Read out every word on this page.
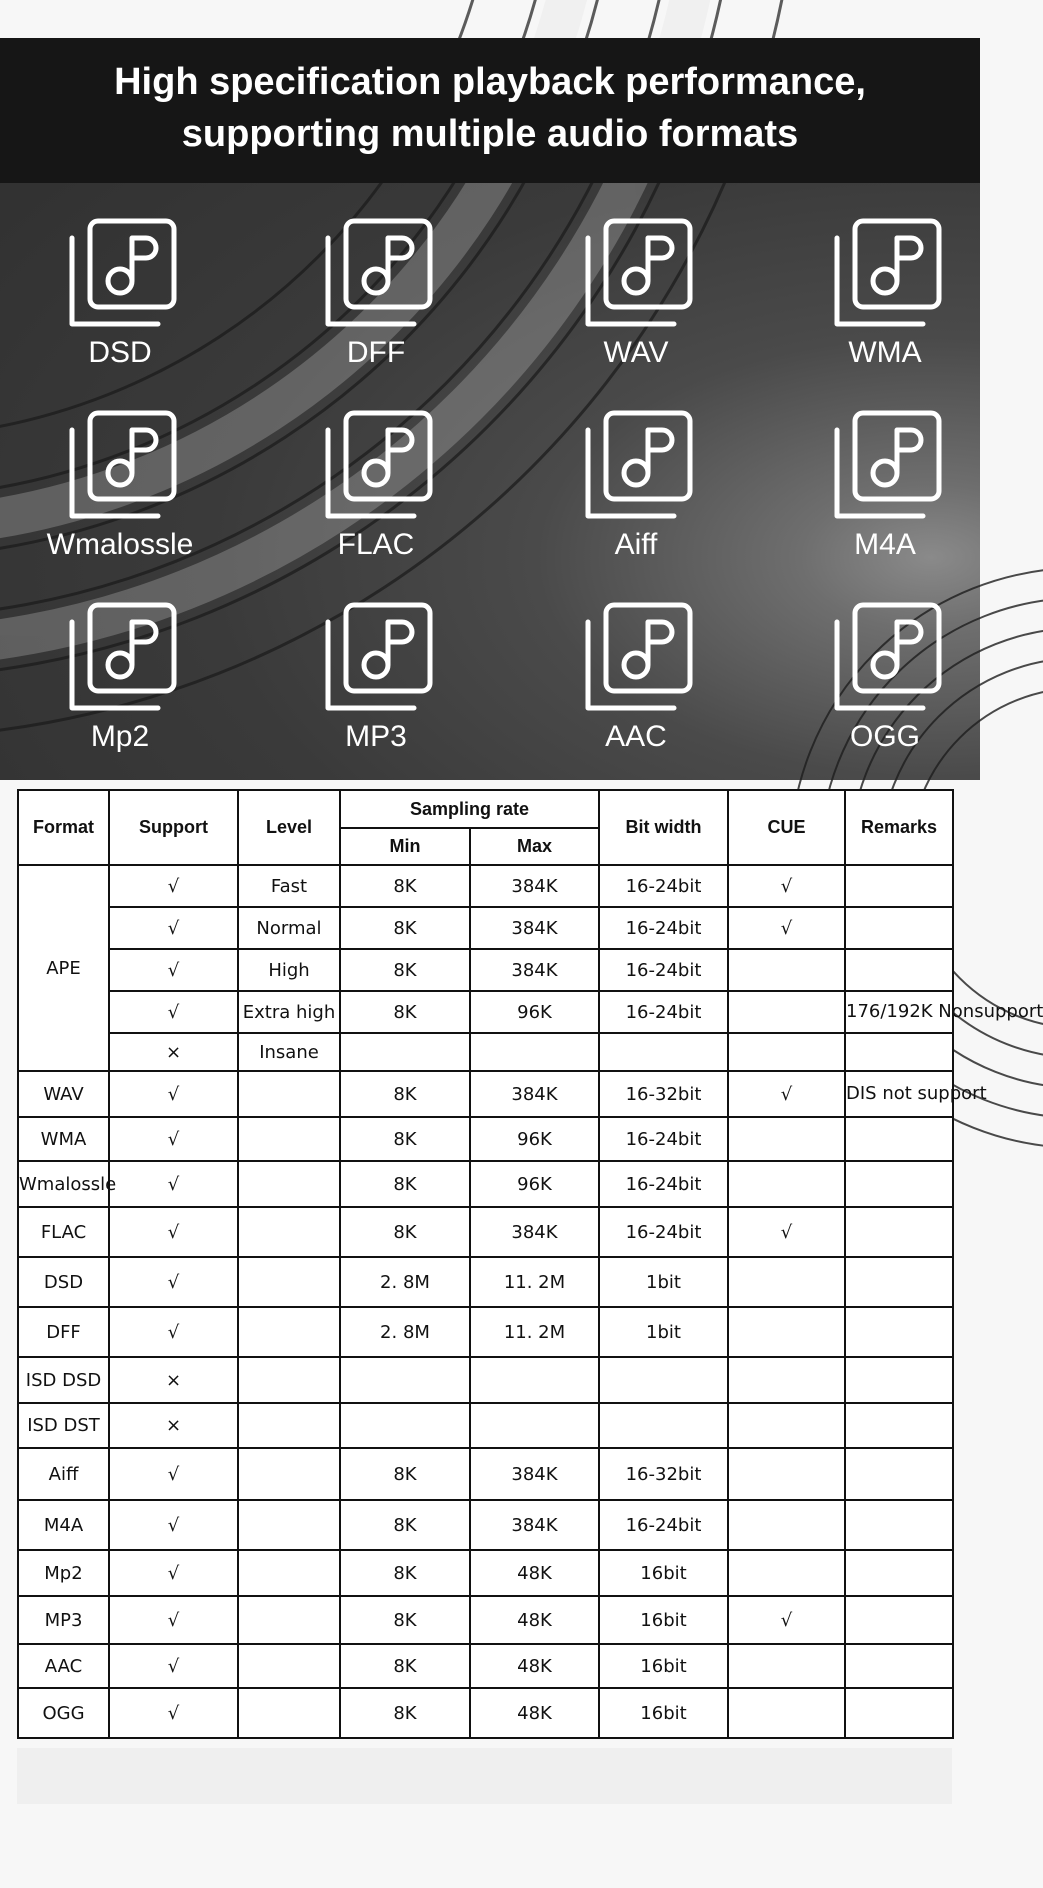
High specification playback performance,
supporting multiple audio formats
DSD	DFF	WAV	WMA
Wmalossle	FLAC	Aiff	M4A
Mp2	MP3	AAC	OGG
Format	Support	Level	Sampling rate		Bit width	CUE	Remarks
			Min	Max			
APE	√	Fast	8K	384K	16-24bit	√	
	√	Normal	8K	384K	16-24bit	√	
	√	High	8K	384K	16-24bit		
	√	Extra high	8K	96K	16-24bit		176/192K Nonsupport
	×	Insane					
WAV	√		8K	384K	16-32bit	√	DIS not support
WMA	√		8K	96K	16-24bit		
Wmalossle	√		8K	96K	16-24bit		
FLAC	√		8K	384K	16-24bit	√	
DSD	√		2. 8M	11. 2M	1bit		
DFF	√		2. 8M	11. 2M	1bit		
ISD DSD	×						
ISD DST	×						
Aiff	√		8K	384K	16-32bit		
M4A	√		8K	384K	16-24bit		
Mp2	√		8K	48K	16bit		
MP3	√		8K	48K	16bit	√	
AAC	√		8K	48K	16bit		
OGG	√		8K	48K	16bit		
